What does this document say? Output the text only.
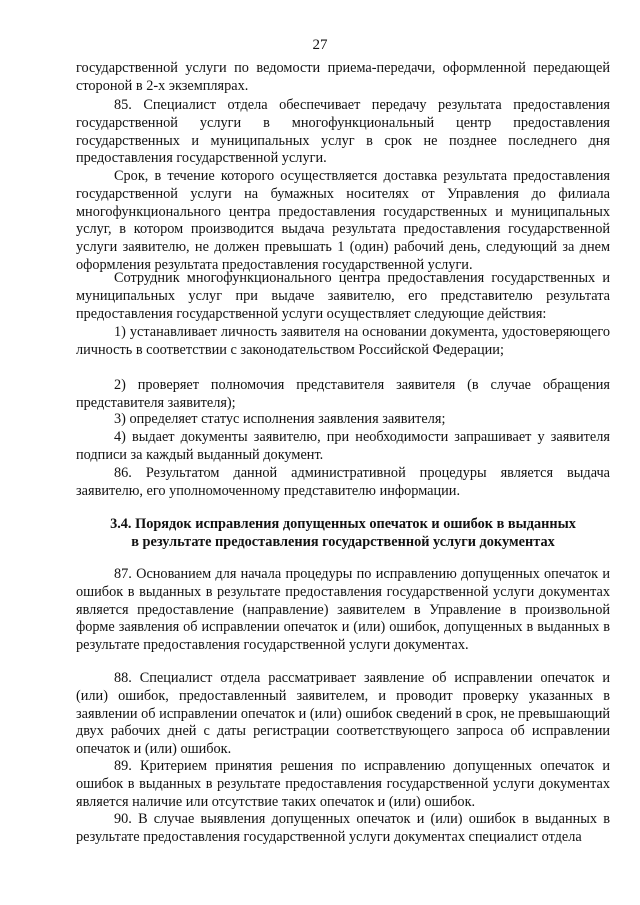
27

государственной услуги по ведомости приема-передачи, оформленной передающей стороной в 2-х экземплярах.

85. Специалист отдела обеспечивает передачу результата предоставления государственной услуги в многофункциональный центр предоставления государственных и муниципальных услуг в срок не позднее последнего дня предоставления государственной услуги.

Срок, в течение которого осуществляется доставка результата предоставления государственной услуги на бумажных носителях от Управления до филиала многофункционального центра предоставления государственных и муниципальных услуг, в котором производится выдача результата предоставления государственной услуги заявителю, не должен превышать 1 (один) рабочий день, следующий за днем оформления результата предоставления государственной услуги.

Сотрудник многофункционального центра предоставления государственных и муниципальных услуг при выдаче заявителю, его представителю результата предоставления государственной услуги осуществляет следующие действия:

1) устанавливает личность заявителя на основании документа, удостоверяющего личность в соответствии с законодательством Российской Федерации;

2) проверяет полномочия представителя заявителя (в случае обращения представителя заявителя);

3) определяет статус исполнения заявления заявителя;

4) выдает документы заявителю, при необходимости запрашивает у заявителя подписи за каждый выданный документ.

86. Результатом данной административной процедуры является выдача заявителю, его уполномоченному представителю информации.

3.4. Порядок исправления допущенных опечаток и ошибок в выданных
в результате предоставления государственной услуги документах

87. Основанием для начала процедуры по исправлению допущенных опечаток и ошибок в выданных в результате предоставления государственной услуги документах является предоставление (направление) заявителем в Управление в произвольной форме заявления об исправлении опечаток и (или) ошибок, допущенных в выданных в результате предоставления государственной услуги документах.

88. Специалист отдела рассматривает заявление об исправлении опечаток и (или) ошибок, предоставленный заявителем, и проводит проверку указанных в заявлении об исправлении опечаток и (или) ошибок сведений в срок, не превышающий двух рабочих дней с даты регистрации соответствующего запроса об исправлении опечаток и (или) ошибок.

89. Критерием принятия решения по исправлению допущенных опечаток и ошибок в выданных в результате предоставления государственной услуги документах является наличие или отсутствие таких опечаток и (или) ошибок.

90. В случае выявления допущенных опечаток и (или) ошибок в выданных в результате предоставления государственной услуги документах специалист отдела
